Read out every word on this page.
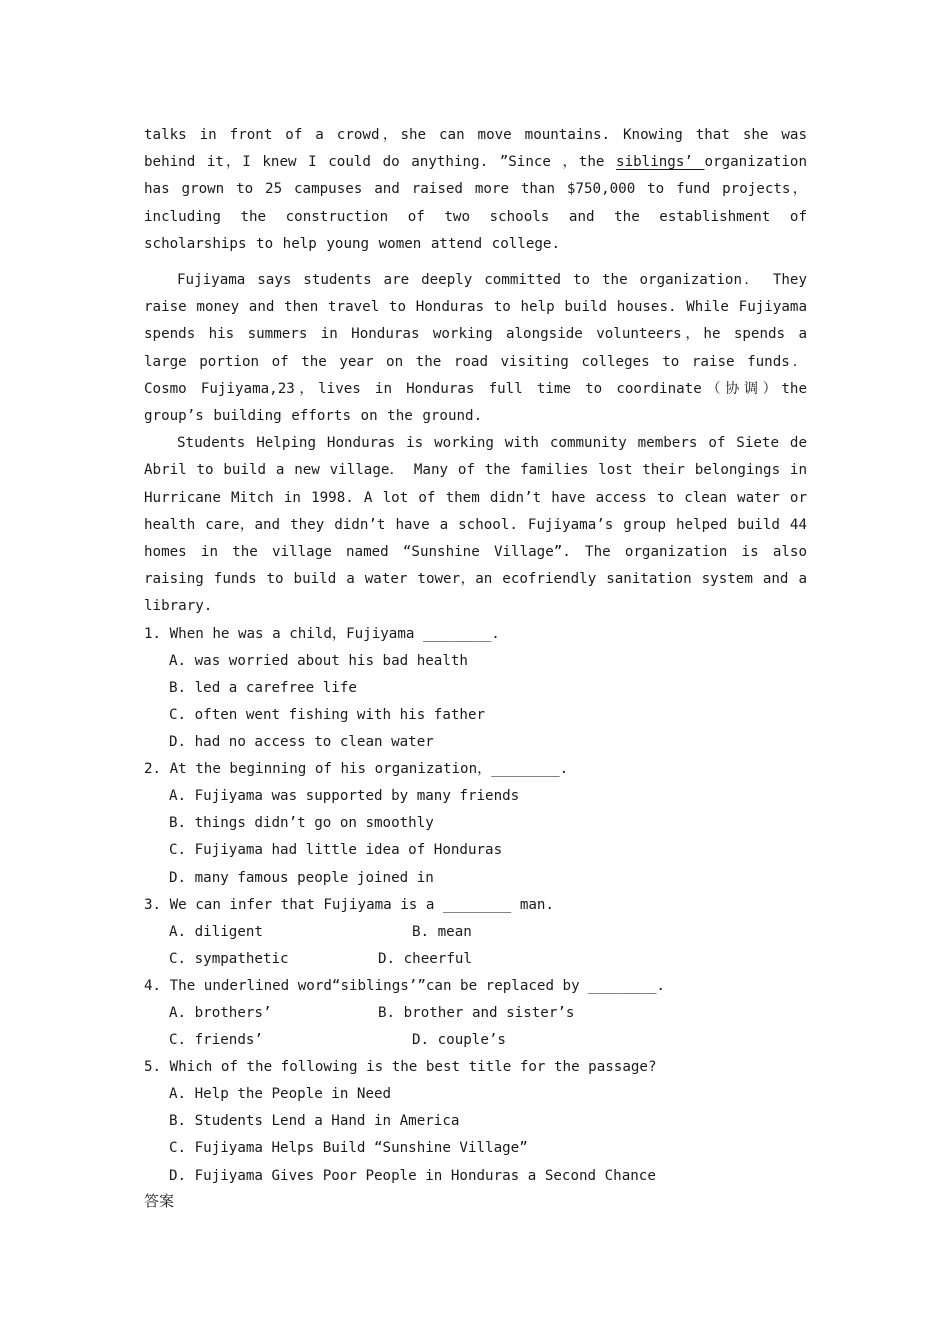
talks in front of a crowd，she can move mountains. Knowing that she was behind it，I knew I could do anything. ”Since ，the siblings’ organization has grown to 25 campuses and raised more than $750,000 to fund projects，including the construction of two schools and the establishment of scholarships to help young women attend college.

Fujiyama says students are deeply committed to the organization． They raise money and then travel to Honduras to help build houses. While Fujiyama spends his summers in Honduras working alongside volunteers，he spends a large portion of the year on the road visiting colleges to raise funds． Cosmo Fujiyama,23，lives in Honduras full time to coordinate（协调）the group’s building efforts on the ground.

Students Helping Honduras is working with community members of Siete de Abril to build a new village． Many of the families lost their belongings in Hurricane Mitch in 1998. A lot of them didn’t have access to clean water or health care，and they didn’t have a school. Fujiyama’s group helped build 44 homes in the village named “Sunshine Village”. The organization is also raising funds to build a water tower，an ecofriendly sanitation system and a library.

1. When he was a child，Fujiyama ________.

A. was worried about his bad health

B. led a carefree life

C. often went fishing with his father

D. had no access to clean water

2. At the beginning of his organization，________.

A. Fujiyama was supported by many friends

B. things didn’t go on smoothly

C. Fujiyama had little idea of Honduras

D. many famous people joined in

3. We can infer that Fujiyama is a ________ man.

A. diligent	B. mean

C. sympathetic	D. cheerful

4. The underlined word“siblings’”can be replaced by ________.

A. brothers’	B. brother and sister’s

C. friends’	D. couple’s

5. Which of the following is the best title for the passage?

A. Help the People in Need

B. Students Lend a Hand in America

C. Fujiyama Helps Build “Sunshine Village”

D. Fujiyama Gives Poor People in Honduras a Second Chance

答案
